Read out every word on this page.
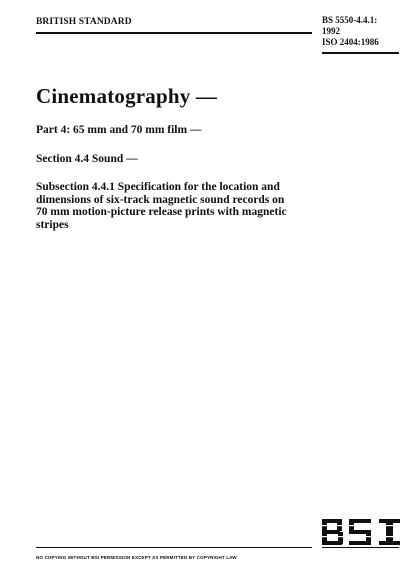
BRITISH STANDARD	BS 5550-4.4.1:
1992
ISO 2404:1986
Cinematography —
Part 4: 65 mm and 70 mm film —
Section 4.4 Sound —
Subsection 4.4.1 Specification for the location and dimensions of six-track magnetic sound records on 70 mm motion-picture release prints with magnetic stripes
NO COPYING WITHOUT BSI PERMISSION EXCEPT AS PERMITTED BY COPYRIGHT LAW
